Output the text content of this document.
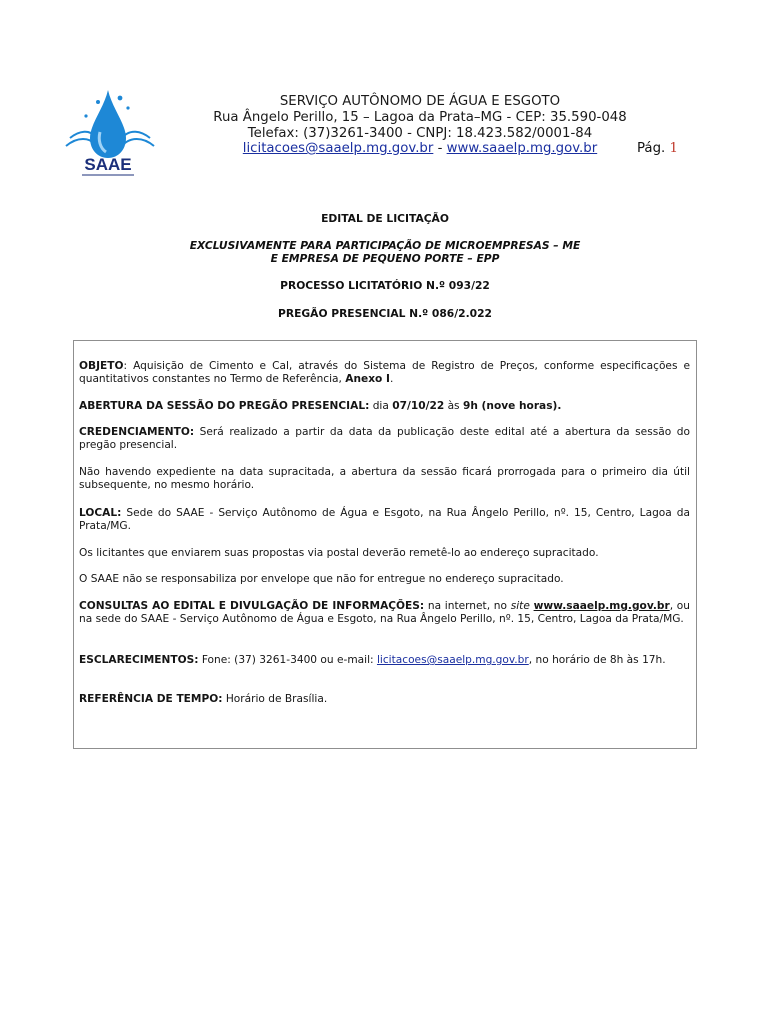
SAAE
SERVIÇO AUTÔNOMO DE ÁGUA E ESGOTO
Rua Ângelo Perillo, 15 – Lagoa da Prata–MG - CEP: 35.590-048
Telefax: (37)3261-3400 - CNPJ: 18.423.582/0001-84
licitacoes@saaelp.mg.gov.br - www.saaelp.mg.gov.br	Pág. 1
EDITAL DE LICITAÇÃO
EXCLUSIVAMENTE PARA PARTICIPAÇÃO DE MICROEMPRESAS – ME
E EMPRESA DE PEQUENO PORTE – EPP
PROCESSO LICITATÓRIO N.º 093/22
PREGÃO PRESENCIAL N.º 086/2.022
OBJETO: Aquisição de Cimento e Cal, através do Sistema de Registro de Preços, conforme especificações e quantitativos constantes no Termo de Referência, Anexo I.
ABERTURA DA SESSÃO DO PREGÃO PRESENCIAL: dia 07/10/22 às 9h (nove horas).
CREDENCIAMENTO: Será realizado a partir da data da publicação deste edital até a abertura da sessão do pregão presencial.
Não havendo expediente na data supracitada, a abertura da sessão ficará prorrogada para o primeiro dia útil subsequente, no mesmo horário.
LOCAL: Sede do SAAE - Serviço Autônomo de Água e Esgoto, na Rua Ângelo Perillo, nº. 15, Centro, Lagoa da Prata/MG.
Os licitantes que enviarem suas propostas via postal deverão remetê-lo ao endereço supracitado.
O SAAE não se responsabiliza por envelope que não for entregue no endereço supracitado.
CONSULTAS AO EDITAL E DIVULGAÇÃO DE INFORMAÇÕES: na internet, no site www.saaelp.mg.gov.br, ou na sede do SAAE - Serviço Autônomo de Água e Esgoto, na Rua Ângelo Perillo, nº. 15, Centro, Lagoa da Prata/MG.
ESCLARECIMENTOS: Fone: (37) 3261-3400 ou e-mail: licitacoes@saaelp.mg.gov.br, no horário de 8h às 17h.
REFERÊNCIA DE TEMPO: Horário de Brasília.
